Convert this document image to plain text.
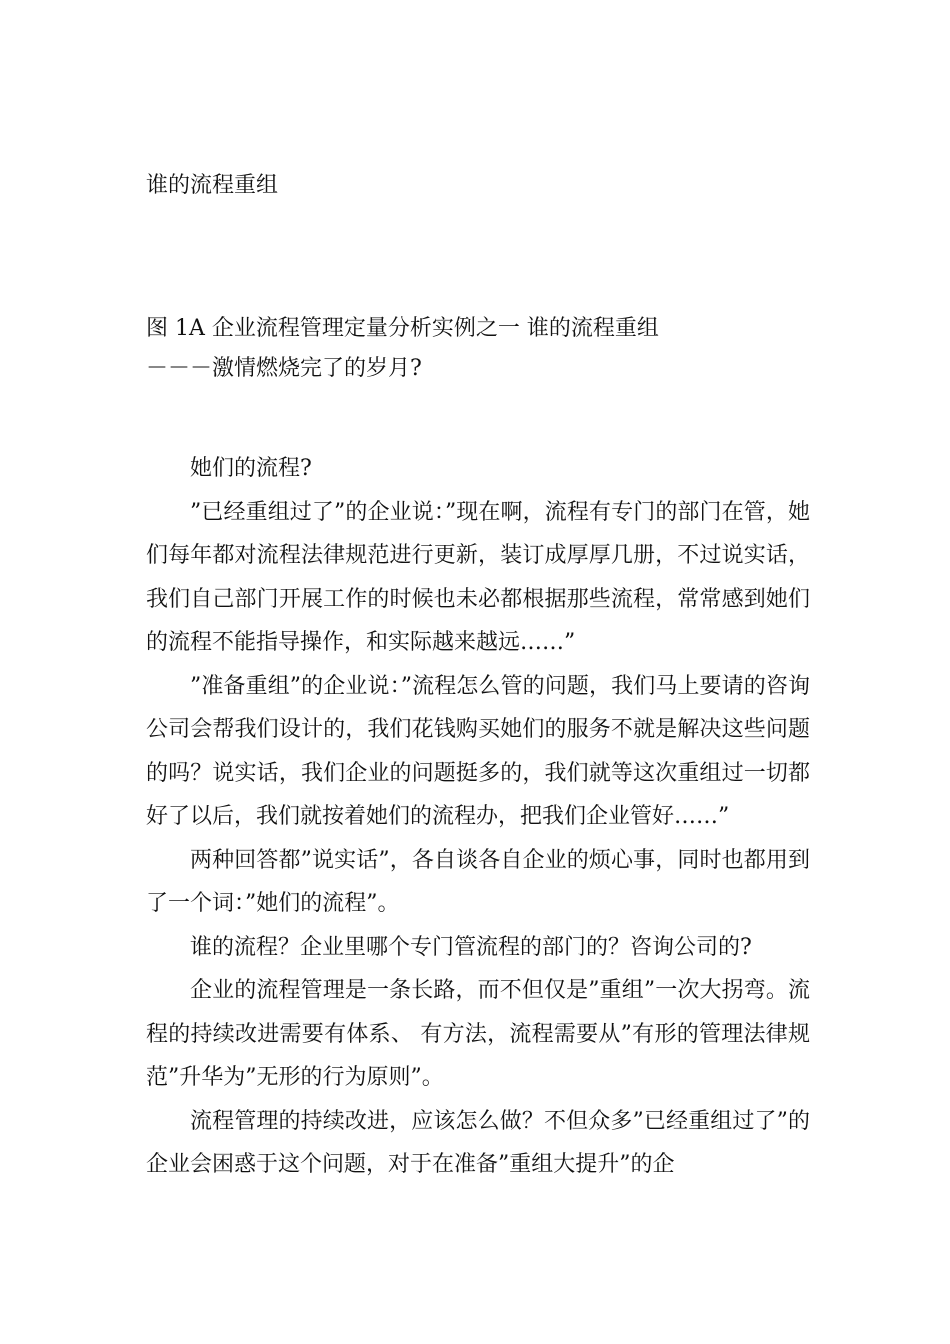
谁的流程重组
图 1A 企业流程管理定量分析实例之一 谁的流程重组
－－－激情燃烧完了的岁月?

她们的流程?

”已经重组过了”的企业说：”现在啊，流程有专门的部门在管，她们每年都对流程法律规范进行更新，装订成厚厚几册，不过说实话，我们自己部门开展工作的时候也未必都根据那些流程，常常感到她们的流程不能指导操作，和实际越来越远……”

”准备重组”的企业说：”流程怎么管的问题，我们马上要请的咨询公司会帮我们设计的，我们花钱购买她们的服务不就是解决这些问题的吗？说实话，我们企业的问题挺多的，我们就等这次重组过一切都好了以后，我们就按着她们的流程办，把我们企业管好……”

两种回答都”说实话”，各自谈各自企业的烦心事，同时也都用到了一个词：”她们的流程”。

谁的流程？企业里哪个专门管流程的部门的？咨询公司的?

企业的流程管理是一条长路，而不但仅是”重组”一次大拐弯。流程的持续改进需要有体系、 有方法，流程需要从”有形的管理法律规范”升华为”无形的行为原则”。

流程管理的持续改进，应该怎么做？不但众多”已经重组过了”的企业会困惑于这个问题，对于在准备”重组大提升”的企
